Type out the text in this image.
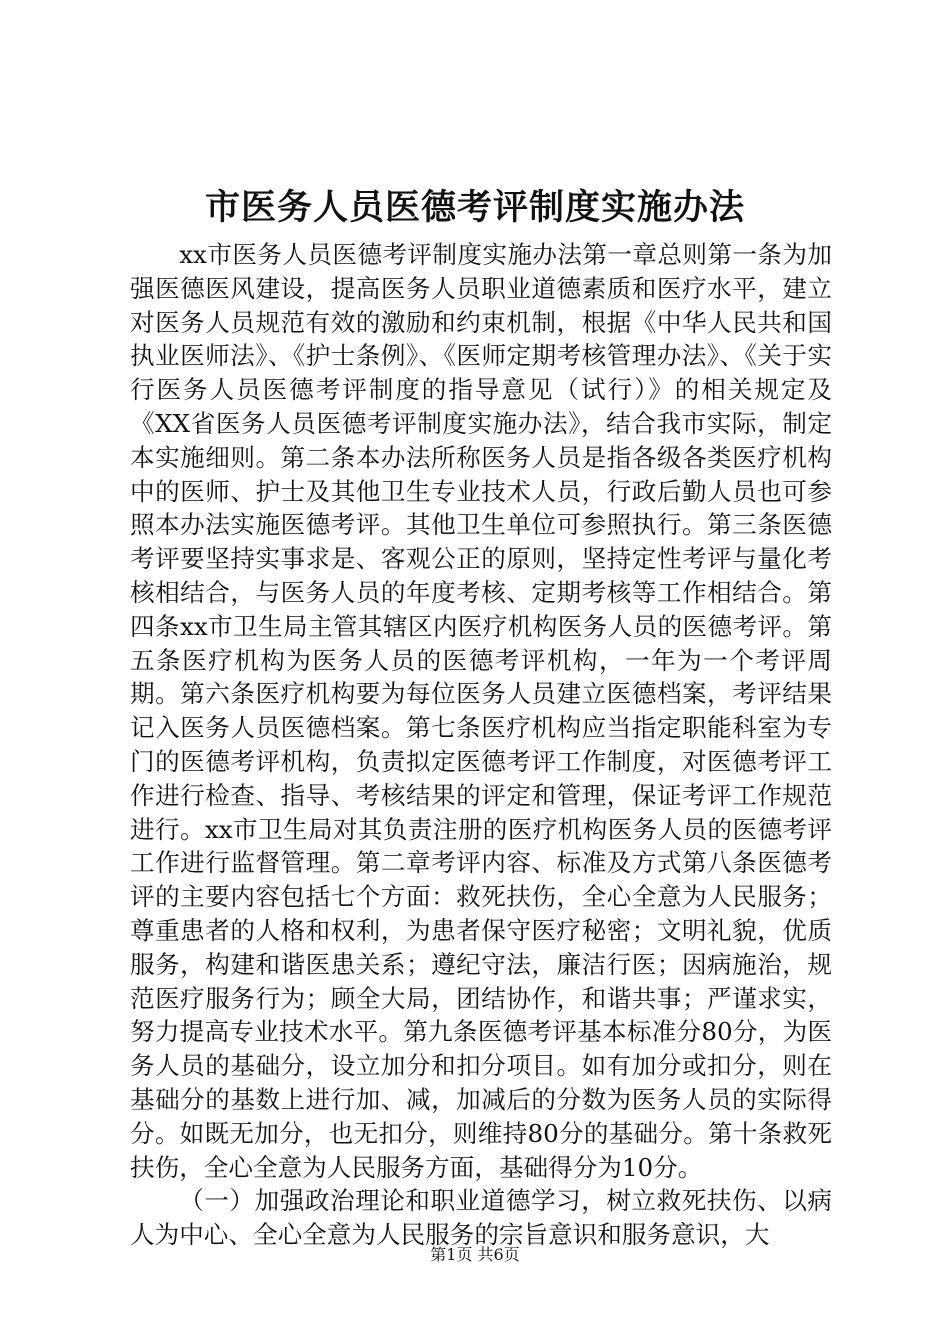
市医务人员医德考评制度实施办法

xx市医务人员医德考评制度实施办法第一章总则第一条为加强医德医风建设，提高医务人员职业道德素质和医疗水平，建立对医务人员规范有效的激励和约束机制，根据《中华人民共和国执业医师法》、《护士条例》、《医师定期考核管理办法》、《关于实行医务人员医德考评制度的指导意见（试行）》的相关规定及《XX省医务人员医德考评制度实施办法》，结合我市实际，制定本实施细则。第二条本办法所称医务人员是指各级各类医疗机构中的医师、护士及其他卫生专业技术人员，行政后勤人员也可参照本办法实施医德考评。其他卫生单位可参照执行。第三条医德考评要坚持实事求是、客观公正的原则，坚持定性考评与量化考核相结合，与医务人员的年度考核、定期考核等工作相结合。第四条xx市卫生局主管其辖区内医疗机构医务人员的医德考评。第五条医疗机构为医务人员的医德考评机构，一年为一个考评周期。第六条医疗机构要为每位医务人员建立医德档案，考评结果记入医务人员医德档案。第七条医疗机构应当指定职能科室为专门的医德考评机构，负责拟定医德考评工作制度，对医德考评工作进行检查、指导、考核结果的评定和管理，保证考评工作规范进行。xx市卫生局对其负责注册的医疗机构医务人员的医德考评工作进行监督管理。第二章考评内容、标准及方式第八条医德考评的主要内容包括七个方面：救死扶伤，全心全意为人民服务；尊重患者的人格和权利，为患者保守医疗秘密；文明礼貌，优质服务，构建和谐医患关系；遵纪守法，廉洁行医；因病施治，规范医疗服务行为；顾全大局，团结协作，和谐共事；严谨求实，努力提高专业技术水平。第九条医德考评基本标准分80分，为医务人员的基础分，设立加分和扣分项目。如有加分或扣分，则在基础分的基数上进行加、减，加减后的分数为医务人员的实际得分。如既无加分，也无扣分，则维持80分的基础分。第十条救死扶伤，全心全意为人民服务方面，基础得分为10分。

（一）加强政治理论和职业道德学习，树立救死扶伤、以病人为中心、全心全意为人民服务的宗旨意识和服务意识，大

第1页 共6页
